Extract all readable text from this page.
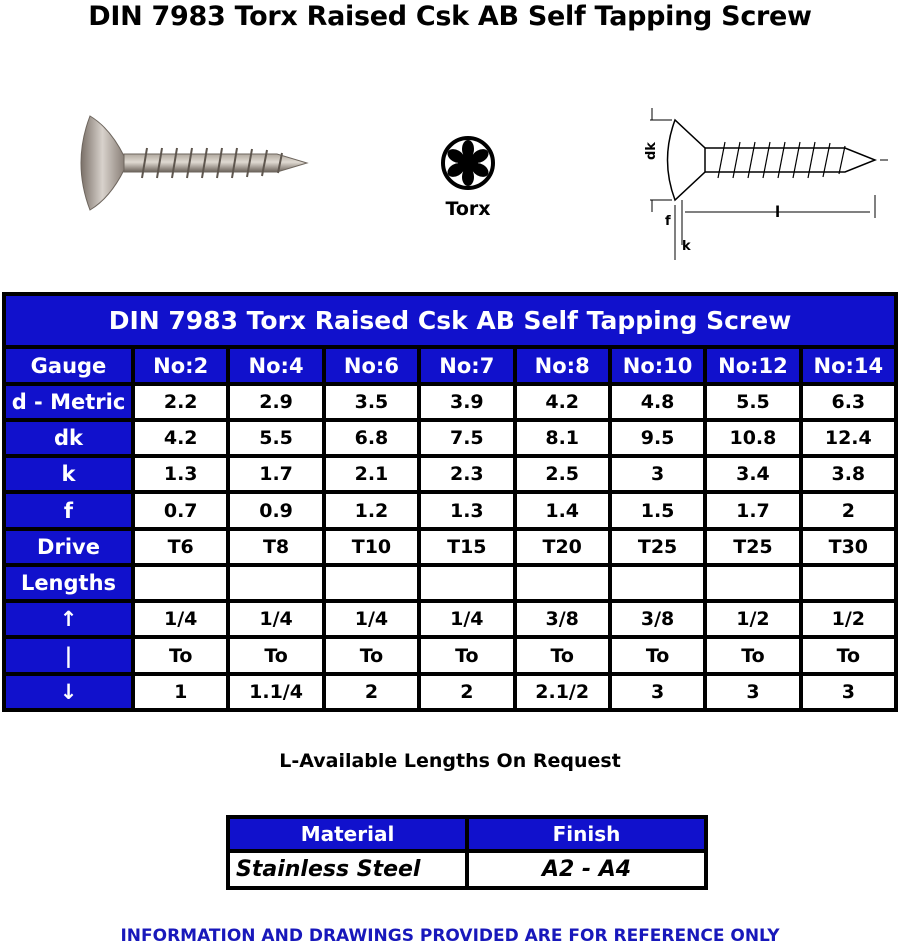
DIN 7983 Torx Raised Csk AB Self Tapping Screw
Torx
dk
f
k
l
DIN 7983 Torx Raised Csk AB Self Tapping Screw								
Gauge	No:2	No:4	No:6	No:7	No:8	No:10	No:12	No:14
d - Metric	2.2	2.9	3.5	3.9	4.2	4.8	5.5	6.3
dk	4.2	5.5	6.8	7.5	8.1	9.5	10.8	12.4
k	1.3	1.7	2.1	2.3	2.5	3	3.4	3.8
f	0.7	0.9	1.2	1.3	1.4	1.5	1.7	2
Drive	T6	T8	T10	T15	T20	T25	T25	T30
Lengths								
↑	1/4	1/4	1/4	1/4	3/8	3/8	1/2	1/2
|	To	To	To	To	To	To	To	To
↓	1	1.1/4	2	2	2.1/2	3	3	3
L-Available Lengths On Request
Material	Finish
Stainless Steel	A2 - A4
INFORMATION AND DRAWINGS PROVIDED ARE FOR REFERENCE ONLY
